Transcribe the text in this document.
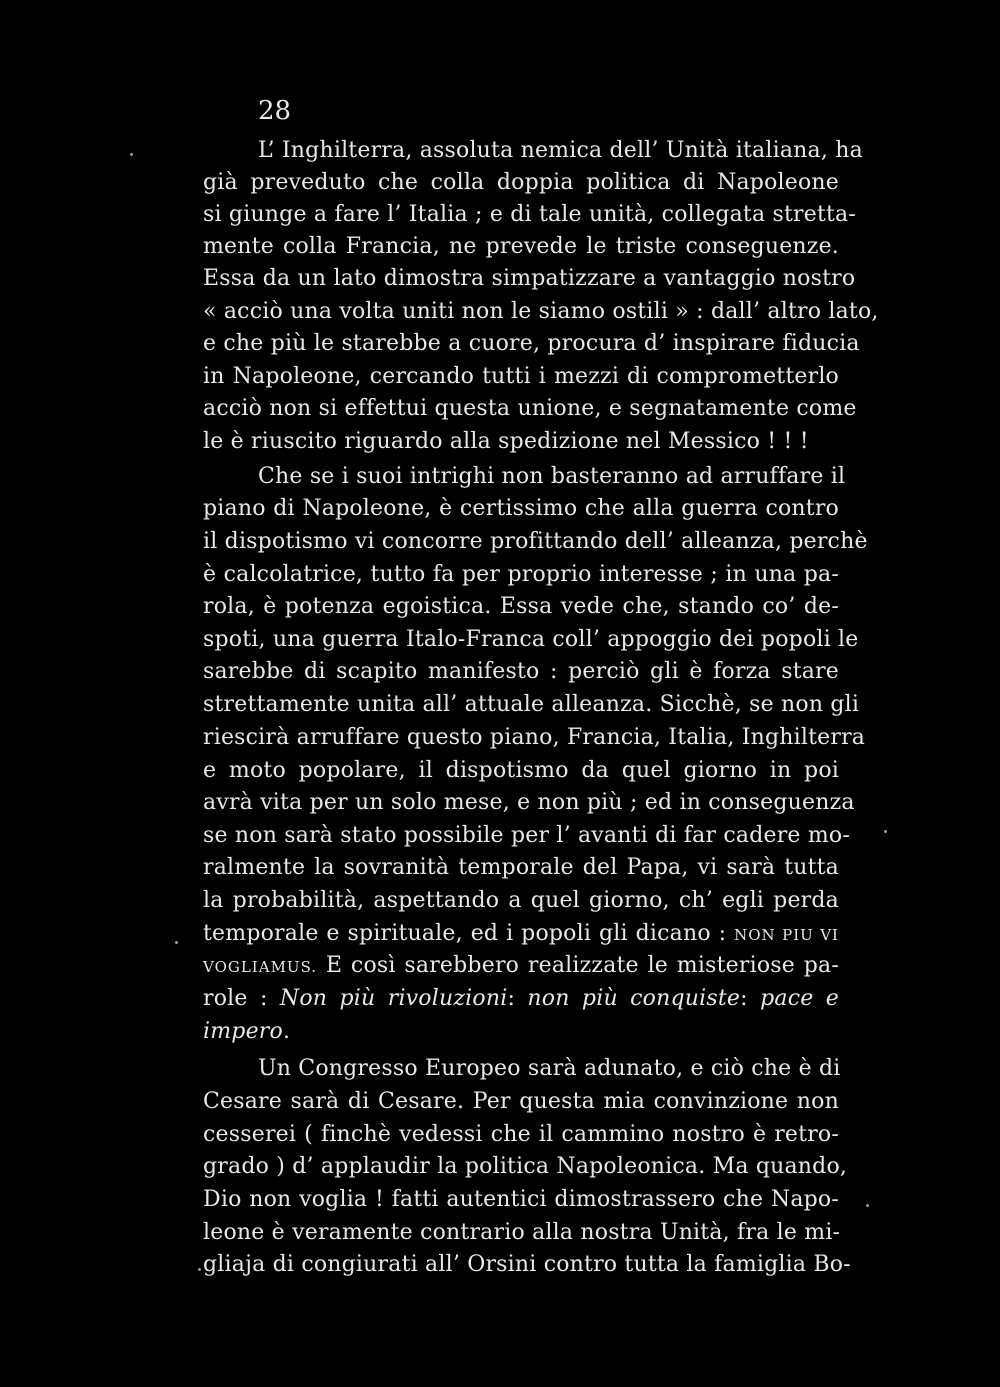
28
L’ Inghilterra, assoluta nemica dell’ Unità italiana, ha
già preveduto che colla doppia politica di Napoleone
si giunge a fare l’ Italia ; e di tale unità, collegata stretta-
mente colla Francia, ne prevede le triste conseguenze.
Essa da un lato dimostra simpatizzare a vantaggio nostro
« acciò una volta uniti non le siamo ostili » : dall’ altro lato,
e che più le starebbe a cuore, procura d’ inspirare fiducia
in Napoleone, cercando tutti i mezzi di comprometterlo
acciò non si effettui questa unione, e segnatamente come
le è riuscito riguardo alla spedizione nel Messico ! ! !
Che se i suoi intrighi non basteranno ad arruffare il
piano di Napoleone, è certissimo che alla guerra contro
il dispotismo vi concorre profittando dell’ alleanza, perchè
è calcolatrice, tutto fa per proprio interesse ; in una pa-
rola, è potenza egoistica. Essa vede che, stando co’ de-
spoti, una guerra Italo-Franca coll’ appoggio dei popoli le
sarebbe di scapito manifesto : perciò gli è forza stare
strettamente unita all’ attuale alleanza. Sicchè, se non gli
riescirà arruffare questo piano, Francia, Italia, Inghilterra
e moto popolare, il dispotismo da quel giorno in poi
avrà vita per un solo mese, e non più ; ed in conseguenza
se non sarà stato possibile per l’ avanti di far cadere mo-
ralmente la sovranità temporale del Papa, vi sarà tutta
la probabilità, aspettando a quel giorno, ch’ egli perda
temporale e spirituale, ed i popoli gli dicano : NON PIU VI
VOGLIAMUS. E così sarebbero realizzate le misteriose pa-
role : Non più rivoluzioni: non più conquiste: pace e
impero.
Un Congresso Europeo sarà adunato, e ciò che è di
Cesare sarà di Cesare. Per questa mia convinzione non
cesserei ( finchè vedessi che il cammino nostro è retro-
grado ) d’ applaudir la politica Napoleonica. Ma quando,
Dio non voglia ! fatti autentici dimostrassero che Napo-
leone è veramente contrario alla nostra Unità, fra le mi-
gliaja di congiurati all’ Orsini contro tutta la famiglia Bo-
